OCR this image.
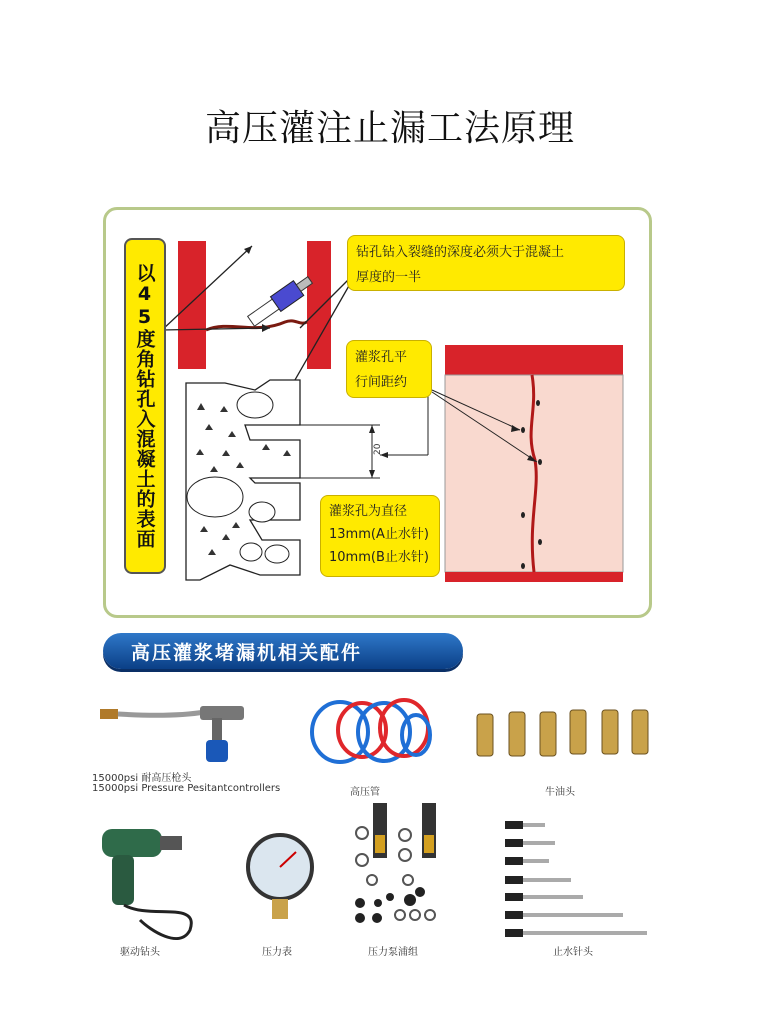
高压灌注止漏工法原理
20
以45度角钻孔入混凝土的表面
钻孔钻入裂缝的深度必须大于混凝土
厚度的一半
灌浆孔平
行间距约
灌浆孔为直径
13mm(A止水针)
10mm(B止水针)
高压灌浆堵漏机相关配件
15000psi 耐高压枪头
15000psi Pressure Pesitantcontrollers	高压管	牛油头
驱动钻头	压力表	压力泵浦组	止水针头
